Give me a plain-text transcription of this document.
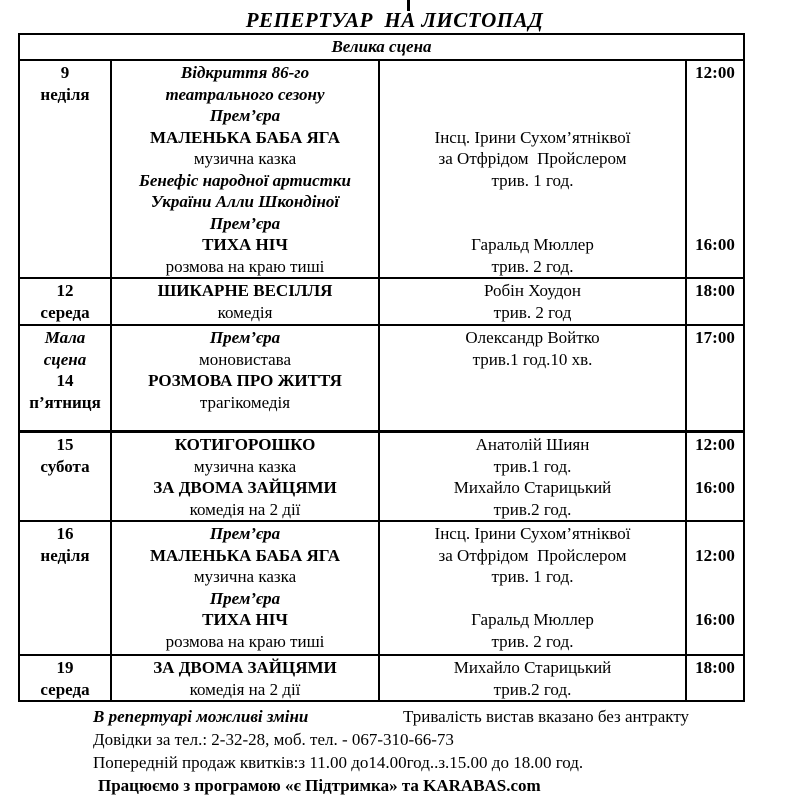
РЕПЕРТУАР  НА ЛИСТОПАД
Велика сцена
9
неділя
Відкриття 86-го
театрального сезону
Прем’єра
МАЛЕНЬКА БАБА ЯГА
музична казка
Бенефіс народної артистки
України Алли Шкондіної
Прем’єра
ТИХА НІЧ
розмова на краю тиші
Інсц. Ірини Сухом’ятніквої
за Отфрідом  Пройслером
трив. 1 год.
Гаральд Мюллер
трив. 2 год.
12:00
16:00
12
середа
ШИКАРНЕ ВЕСІЛЛЯ
комедія
Робін Хоудон
трив. 2 год
18:00
Мала
сцена
14
п’ятниця
Прем’єра
моновистава
РОЗМОВА ПРО ЖИТТЯ
трагікомедія
Олександр Войтко
трив.1 год.10 хв.
17:00
15
субота
КОТИГОРОШКО
музична казка
ЗА ДВОМА ЗАЙЦЯМИ
комедія на 2 дії
Анатолій Шиян
трив.1 год.
Михайло Старицький
трив.2 год.
12:00
16:00
16
неділя
Прем’єра
МАЛЕНЬКА БАБА ЯГА
музична казка
Прем’єра
ТИХА НІЧ
розмова на краю тиші
Інсц. Ірини Сухом’ятніквої
за Отфрідом  Пройслером
трив. 1 год.
Гаральд Мюллер
трив. 2 год.
12:00
16:00
19
середа
ЗА ДВОМА ЗАЙЦЯМИ
комедія на 2 дії
Михайло Старицький
трив.2 год.
18:00
В репертуарі можливі зміни	Тривалість вистав вказано без антракту
Довідки за тел.: 2-32-28, моб. тел. - 067-310-66-73
Попередній продаж квитків:з 11.00 до14.00год..з.15.00 до 18.00 год.
Працюємо з програмою «є Підтримка» та KARABAS.com
